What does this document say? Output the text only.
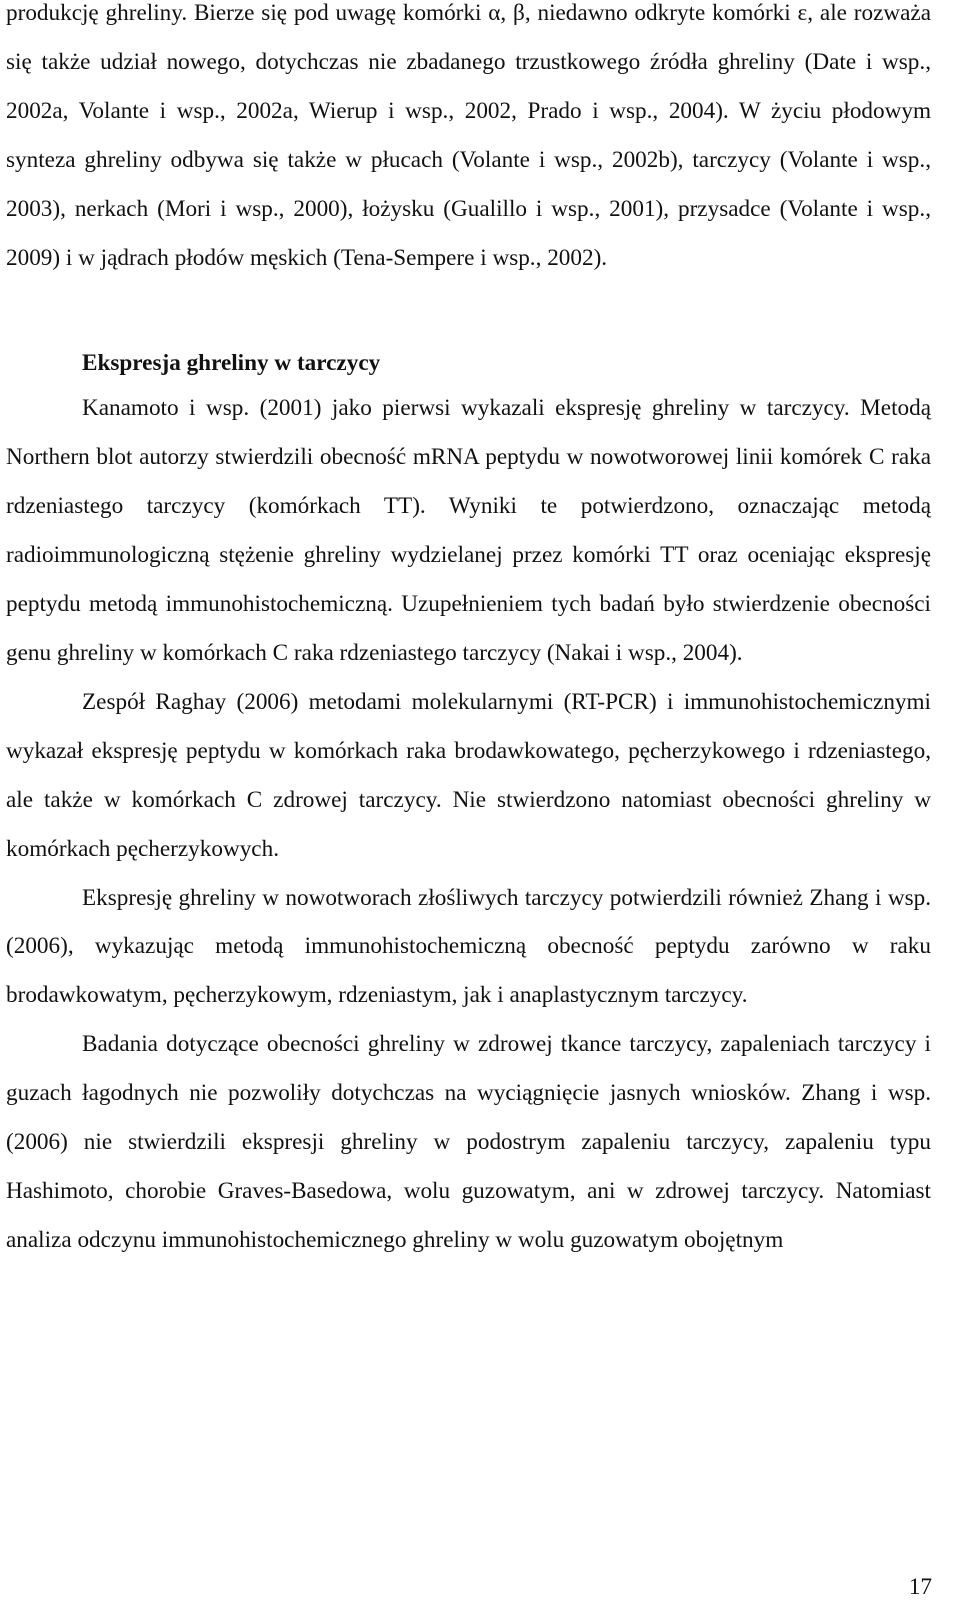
produkcję ghreliny. Bierze się pod uwagę komórki α, β, niedawno odkryte komórki ε, ale rozważa się także udział nowego, dotychczas nie zbadanego trzustkowego źródła ghreliny (Date i wsp., 2002a, Volante i wsp., 2002a, Wierup i wsp., 2002, Prado i wsp., 2004). W życiu płodowym synteza ghreliny odbywa się także w płucach (Volante i wsp., 2002b), tarczycy (Volante i wsp., 2003), nerkach (Mori i wsp., 2000), łożysku (Gualillo i wsp., 2001), przysadce (Volante i wsp., 2009) i w jądrach płodów męskich (Tena-Sempere i wsp., 2002).

Ekspresja ghreliny w tarczycy

Kanamoto i wsp. (2001) jako pierwsi wykazali ekspresję ghreliny w tarczycy. Metodą Northern blot autorzy stwierdzili obecność mRNA peptydu w nowotworowej linii komórek C raka rdzeniastego tarczycy (komórkach TT). Wyniki te potwierdzono, oznaczając metodą radioimmunologiczną stężenie ghreliny wydzielanej przez komórki TT oraz oceniając ekspresję peptydu metodą immunohistochemiczną. Uzupełnieniem tych badań było stwierdzenie obecności genu ghreliny w komórkach C raka rdzeniastego tarczycy (Nakai i wsp., 2004).

Zespół Raghay (2006) metodami molekularnymi (RT-PCR) i immunohistochemicznymi wykazał ekspresję peptydu w komórkach raka brodawkowatego, pęcherzykowego i rdzeniastego, ale także w komórkach C zdrowej tarczycy. Nie stwierdzono natomiast obecności ghreliny w komórkach pęcherzykowych.

Ekspresję ghreliny w nowotworach złośliwych tarczycy potwierdzili również Zhang i wsp. (2006), wykazując metodą immunohistochemiczną obecność peptydu zarówno w raku brodawkowatym, pęcherzykowym, rdzeniastym, jak i anaplastycznym tarczycy.

Badania dotyczące obecności ghreliny w zdrowej tkance tarczycy, zapaleniach tarczycy i guzach łagodnych nie pozwoliły dotychczas na wyciągnięcie jasnych wniosków. Zhang i wsp. (2006) nie stwierdzili ekspresji ghreliny w podostrym zapaleniu tarczycy, zapaleniu typu Hashimoto, chorobie Graves-Basedowa, wolu guzowatym, ani w zdrowej tarczycy. Natomiast analiza odczynu immunohistochemicznego ghreliny w wolu guzowatym obojętnym

17
